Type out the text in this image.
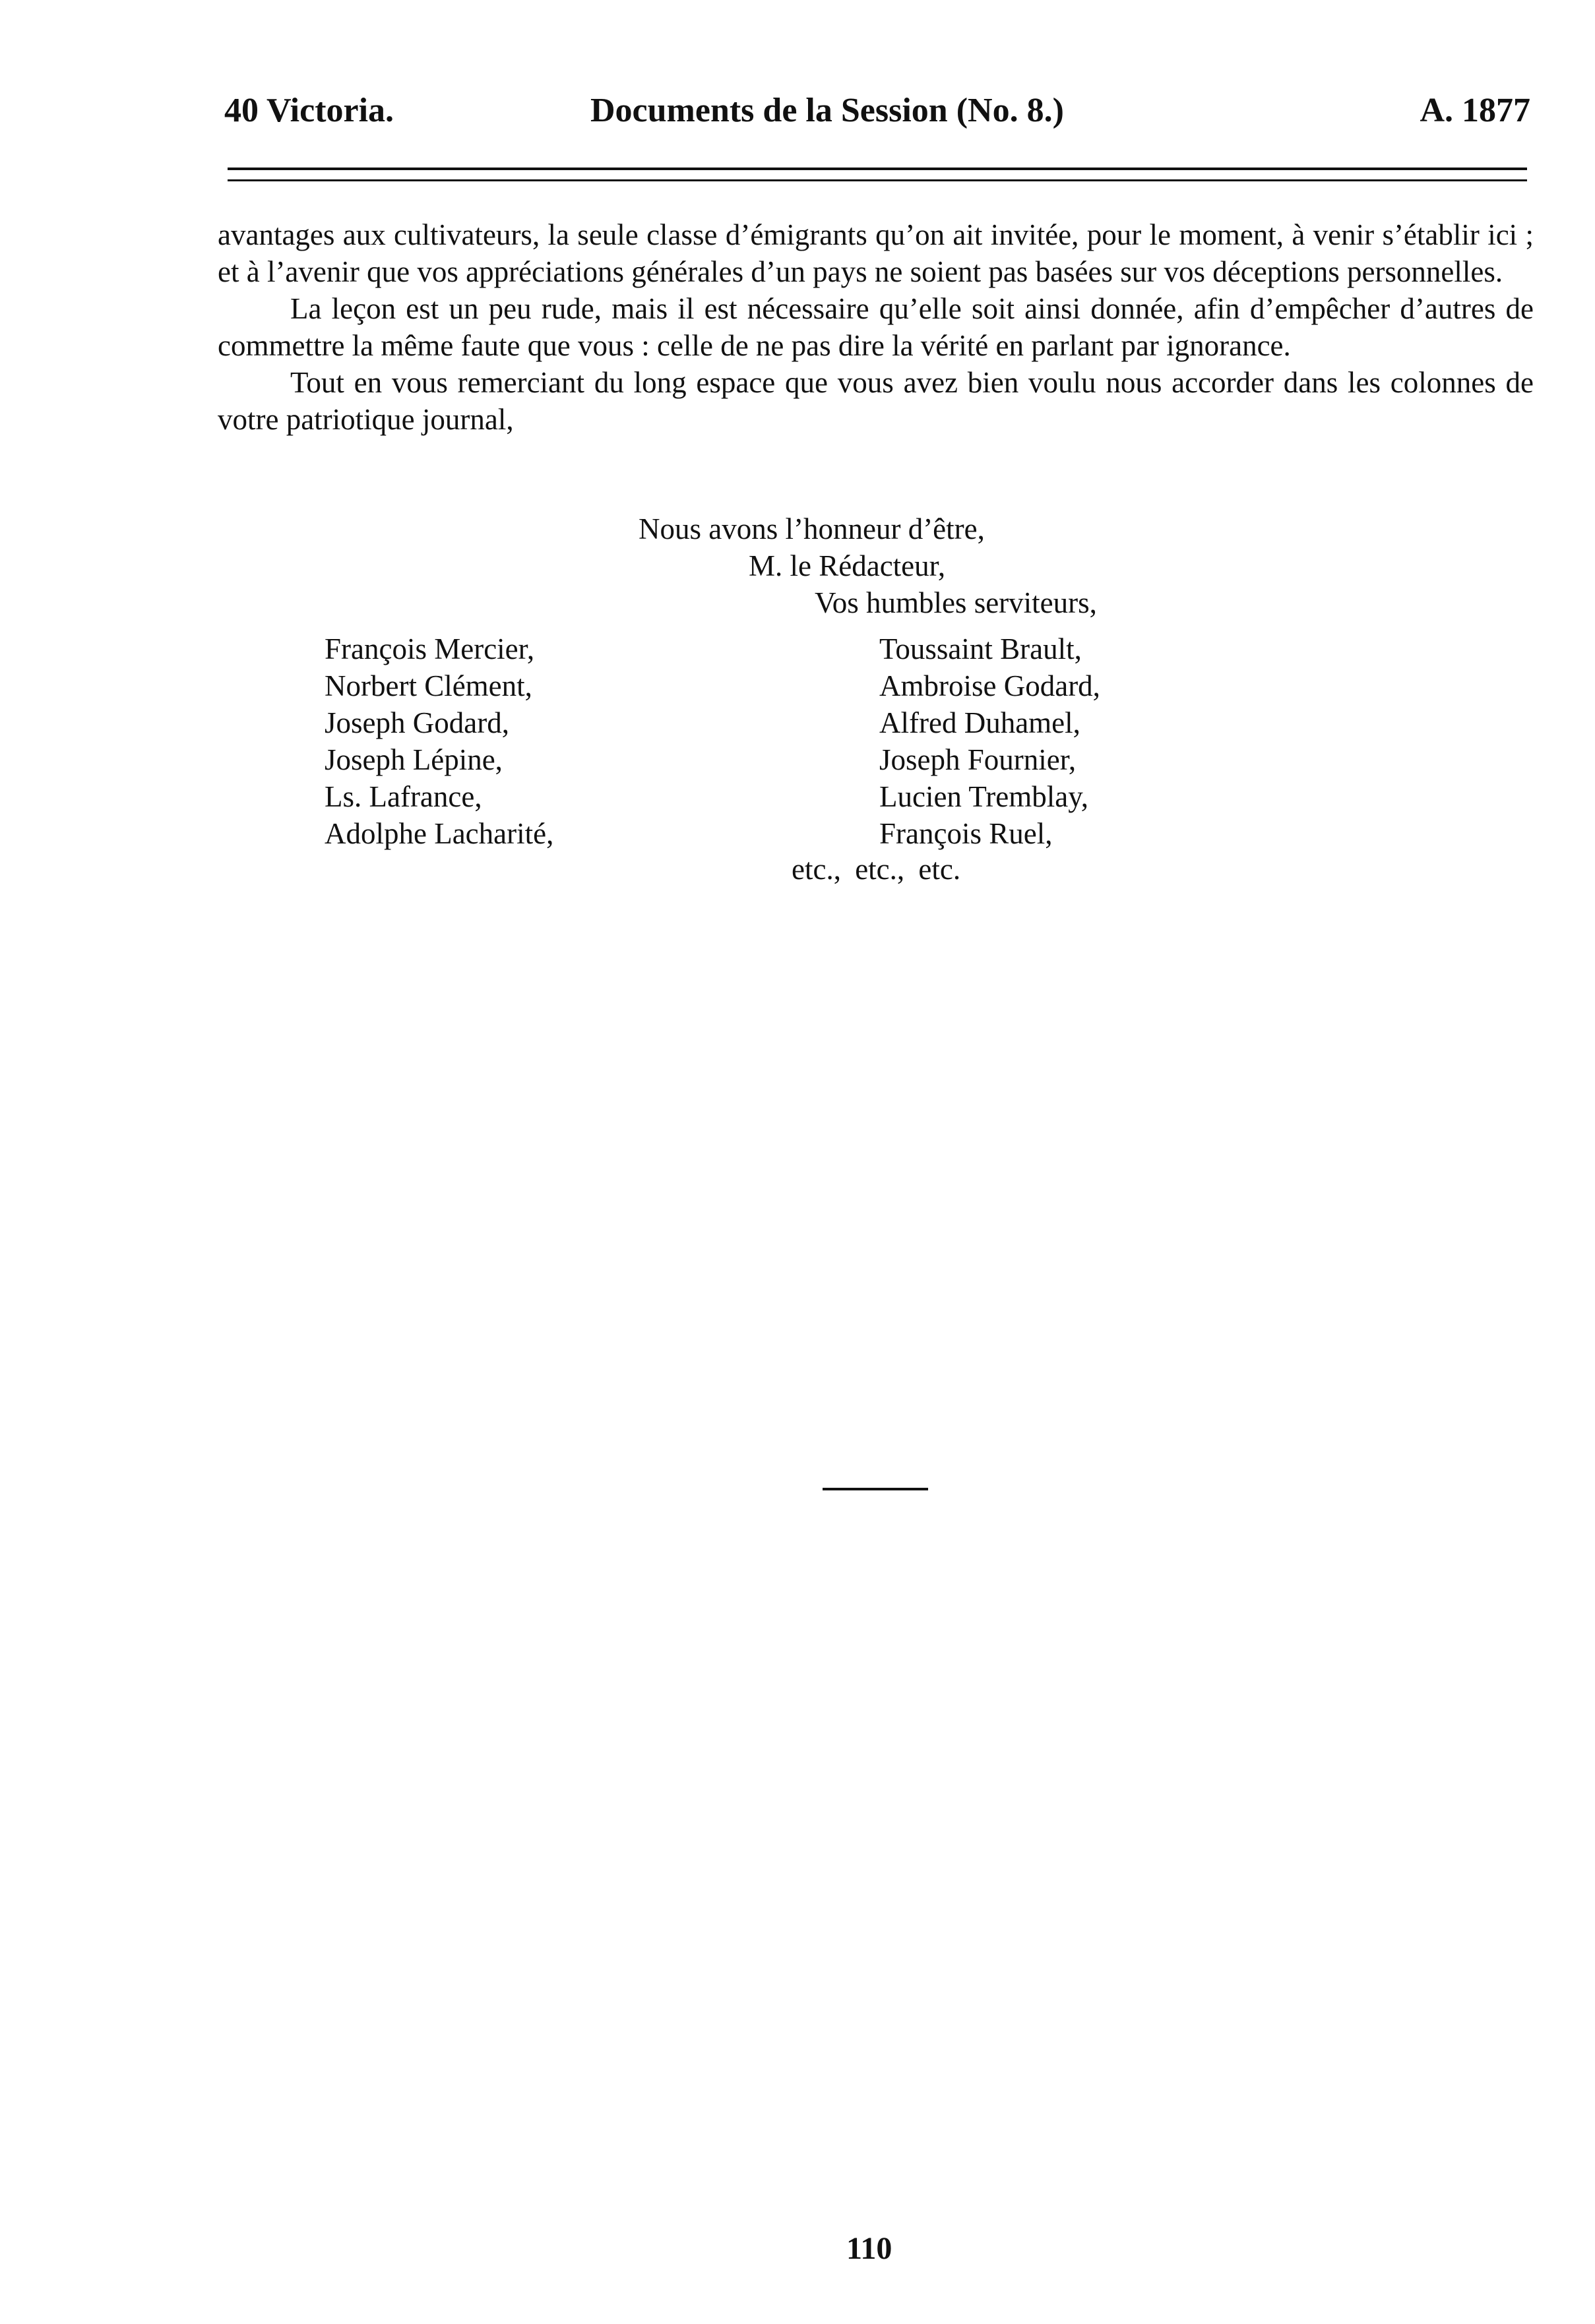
40 Victoria.	Documents de la Session (No. 8.)	A. 1877

avantages aux cultivateurs, la seule classe d’émigrants qu’on ait invitée, pour le moment, à venir s’établir ici ; et à l’avenir que vos appréciations générales d’un pays ne soient pas basées sur vos déceptions personnelles.

La leçon est un peu rude, mais il est nécessaire qu’elle soit ainsi donnée, afin d’empêcher d’autres de commettre la même faute que vous : celle de ne pas dire la vérité en parlant par ignorance.

Tout en vous remerciant du long espace que vous avez bien voulu nous accorder dans les colonnes de votre patriotique journal,

Nous avons l’honneur d’être,
M. le Rédacteur,
Vos humbles serviteurs,
François Mercier,
Norbert Clément,
Joseph Godard,
Joseph Lépine,
Ls. Lafrance,
Adolphe Lacharité,
Toussaint Brault,
Ambroise Godard,
Alfred Duhamel,
Joseph Fournier,
Lucien Tremblay,
François Ruel,
etc., etc., etc.
110
